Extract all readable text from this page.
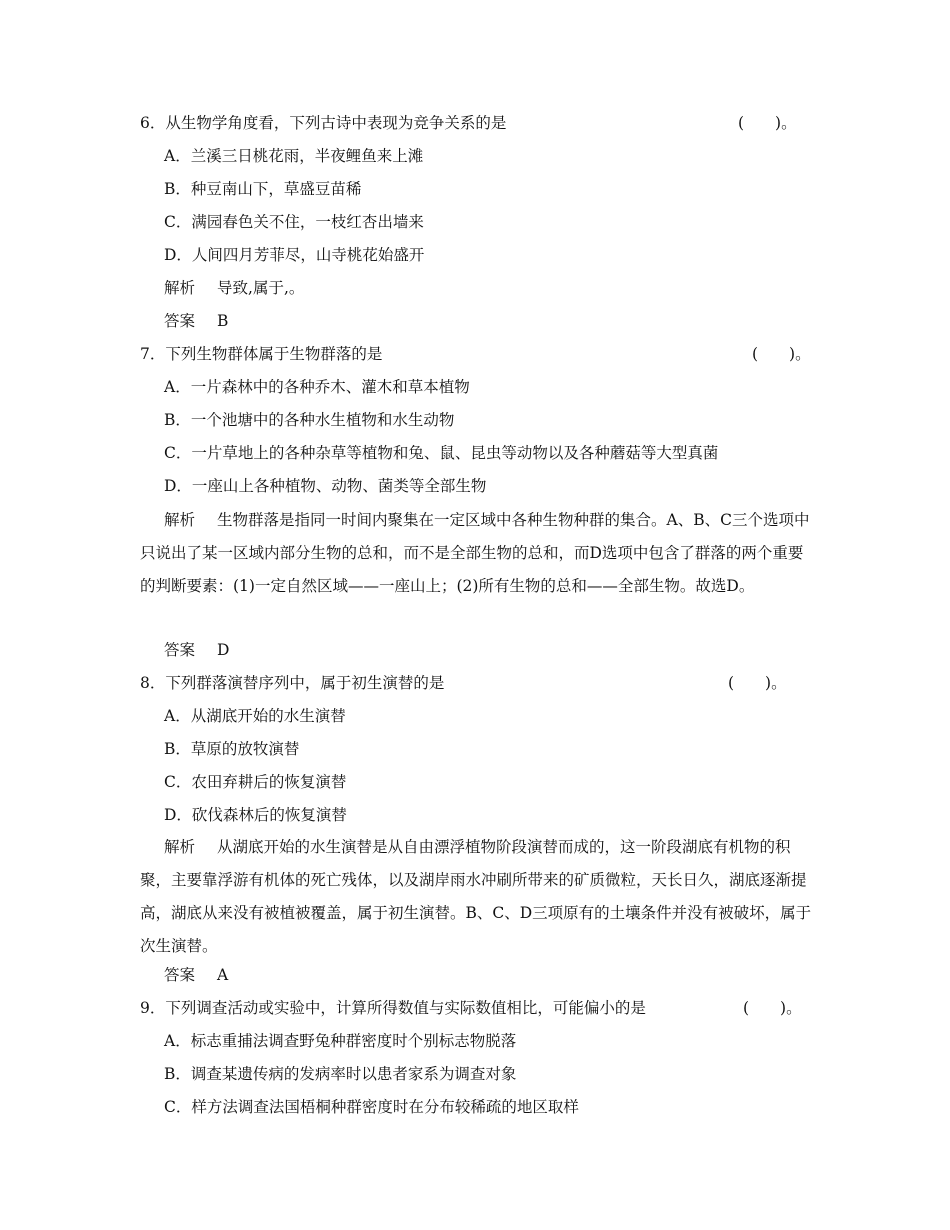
6．从生物学角度看，下列古诗中表现为竞争关系的是	(　　)。
A．兰溪三日桃花雨，半夜鲤鱼来上滩
B．种豆南山下，草盛豆苗稀
C．满园春色关不住，一枝红杏出墙来
D．人间四月芳菲尽，山寺桃花始盛开
解析 导致,属于,。
答案 B
7．下列生物群体属于生物群落的是	(　　)。
A．一片森林中的各种乔木、灌木和草本植物
B．一个池塘中的各种水生植物和水生动物
C．一片草地上的各种杂草等植物和兔、鼠、昆虫等动物以及各种蘑菇等大型真菌
D．一座山上各种植物、动物、菌类等全部生物
解析 生物群落是指同一时间内聚集在一定区域中各种生物种群的集合。A、B、C三个选项中只说出了某一区域内部分生物的总和，而不是全部生物的总和，而D选项中包含了群落的两个重要的判断要素：(1)一定自然区域——一座山上；(2)所有生物的总和——全部生物。故选D。
答案 D
8．下列群落演替序列中，属于初生演替的是	(　　)。
A．从湖底开始的水生演替
B．草原的放牧演替
C．农田弃耕后的恢复演替
D．砍伐森林后的恢复演替
解析 从湖底开始的水生演替是从自由漂浮植物阶段演替而成的，这一阶段湖底有机物的积聚，主要靠浮游有机体的死亡残体，以及湖岸雨水冲刷所带来的矿质微粒，天长日久，湖底逐渐提高，湖底从来没有被植被覆盖，属于初生演替。B、C、D三项原有的土壤条件并没有被破坏，属于次生演替。
答案 A
9．下列调查活动或实验中，计算所得数值与实际数值相比，可能偏小的是	(　　)。
A．标志重捕法调查野兔种群密度时个别标志物脱落
B．调查某遗传病的发病率时以患者家系为调查对象
C．样方法调查法国梧桐种群密度时在分布较稀疏的地区取样
